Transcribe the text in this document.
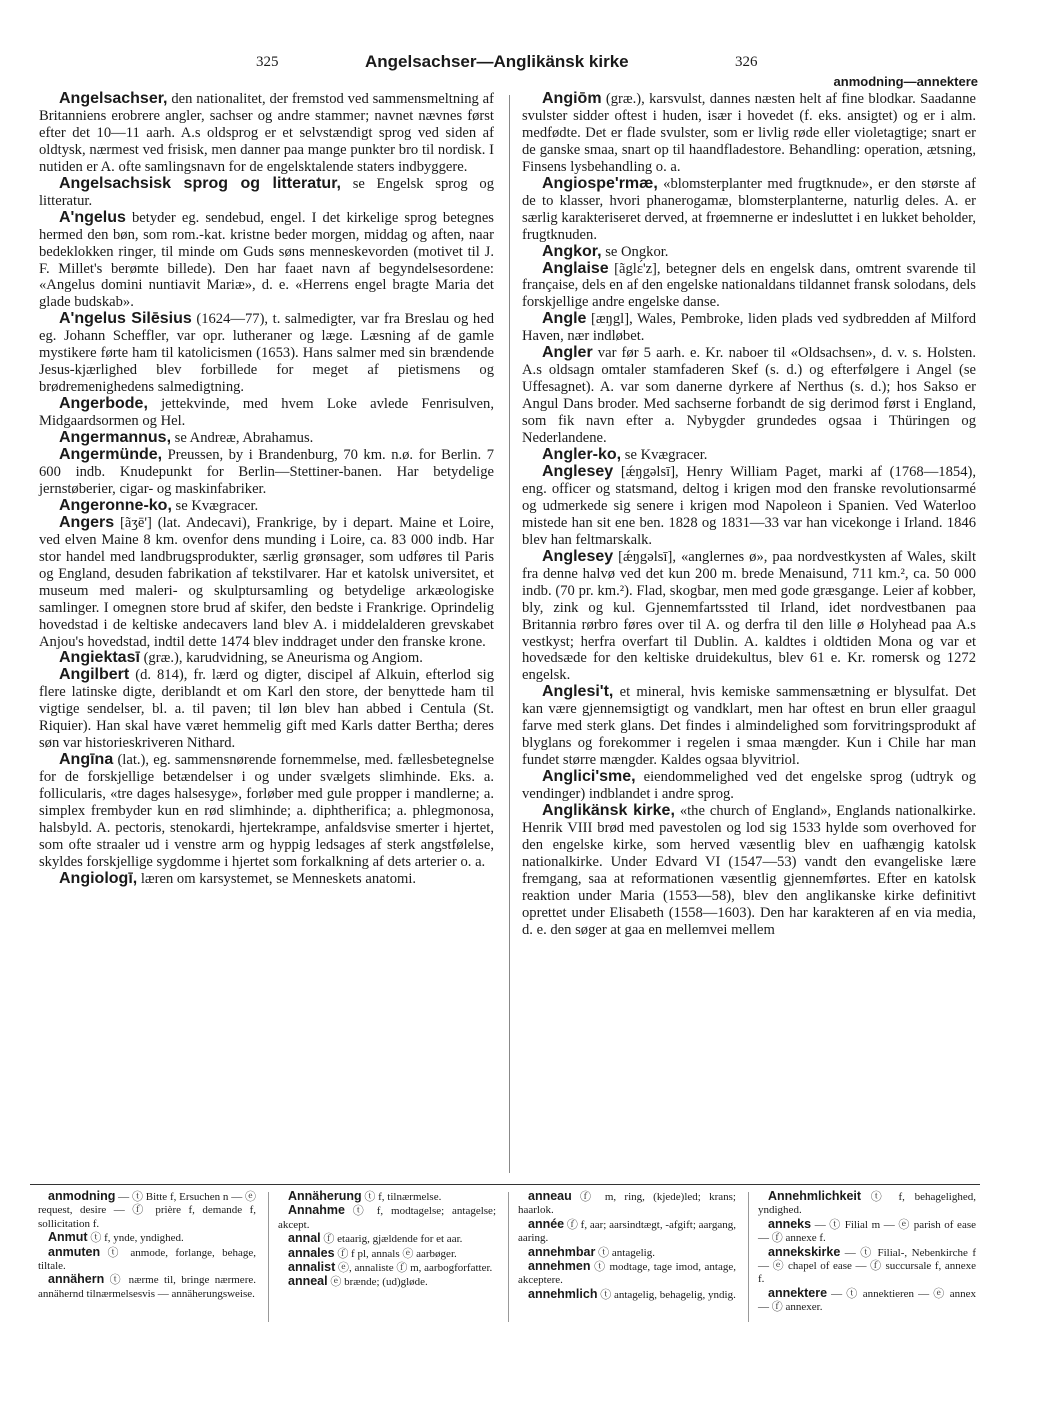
325	Angelsachser—Anglikänsk kirke	326
anmodning—annektere

Angelsachser, den nationalitet, der fremstod ved sammensmeltning af Britanniens erobrere angler, sachser og andre stammer; navnet nævnes først efter det 10—11 aarh. A.s oldsprog er et selvstændigt sprog ved siden af oldtysk, nærmest ved frisisk, men danner paa mange punkter bro til nordisk. I nutiden er A. ofte samlingsnavn for de engelsktalende staters indbyggere.

Angelsachsisk sprog og litteratur, se Engelsk sprog og litteratur.

A'ngelus betyder eg. sendebud, engel. I det kirkelige sprog betegnes hermed den bøn, som rom.-kat. kristne beder morgen, middag og aften, naar bedeklokken ringer, til minde om Guds søns menneskevorden (motivet til J. F. Millet's berømte billede). Den har faaet navn af begyndelsesordene: «Angelus domini nuntiavit Mariæ», d. e. «Herrens engel bragte Maria det glade budskab».

A'ngelus Silēsius (1624—77), t. salmedigter, var fra Breslau og hed eg. Johann Scheffler, var opr. lutheraner og læge. Læsning af de gamle mystikere førte ham til katolicismen (1653). Hans salmer med sin brændende Jesus-kjærlighed blev forbillede for meget af pietismens og brødremenighedens salmedigtning.

Angerbode, jettekvinde, med hvem Loke avlede Fenrisulven, Midgaardsormen og Hel.

Angermannus, se Andreæ, Abrahamus.

Angermünde, Preussen, by i Brandenburg, 70 km. n.ø. for Berlin. 7 600 indb. Knudepunkt for Berlin—Stettiner-banen. Har betydelige jernstøberier, cigar- og maskinfabriker.

Angeronne-ko, se Kvægracer.

Angers [ãʒē'] (lat. Andecavi), Frankrige, by i depart. Maine et Loire, ved elven Maine 8 km. ovenfor dens munding i Loire, ca. 83 000 indb. Har stor handel med landbrugsprodukter, særlig grønsager, som udføres til Paris og England, desuden fabrikation af tekstilvarer. Har et katolsk universitet, et museum med maleri- og skulptursamling og betydelige arkæologiske samlinger. I omegnen store brud af skifer, den bedste i Frankrige. Oprindelig hovedstad i de keltiske andecavers land blev A. i middelalderen grevskabet Anjou's hovedstad, indtil dette 1474 blev inddraget under den franske krone.

Angiektasī (græ.), karudvidning, se Aneurisma og Angiom.

Angilbert (d. 814), fr. lærd og digter, discipel af Alkuin, efterlod sig flere latinske digte, deriblandt et om Karl den store, der benyttede ham til vigtige sendelser, bl. a. til paven; til løn blev han abbed i Centula (St. Riquier). Han skal have været hemmelig gift med Karls datter Bertha; deres søn var historieskriveren Nithard.

Angīna (lat.), eg. sammensnørende fornemmelse, med. fællesbetegnelse for de forskjellige betændelser i og under svælgets slimhinde. Eks. a. follicularis, «tre dages halsesyge», forløber med gule propper i mandlerne; a. simplex frembyder kun en rød slimhinde; a. diphtherifica; a. phlegmonosa, halsbyld. A. pectoris, stenokardi, hjertekrampe, anfaldsvise smerter i hjertet, som ofte straaler ud i venstre arm og hyppig ledsages af sterk angstfølelse, skyldes forskjellige sygdomme i hjertet som forkalkning af dets arterier o. a.

Angiologī, læren om karsystemet, se Menneskets anatomi.

Angiōm (græ.), karsvulst, dannes næsten helt af fine blodkar. Saadanne svulster sidder oftest i huden, især i hovedet (f. eks. ansigtet) og er i alm. medfødte. Det er flade svulster, som er livlig røde eller violetagtige; snart er de ganske smaa, snart op til haandfladestore. Behandling: operation, ætsning, Finsens lysbehandling o. a.

Angiospe'rmæ, «blomsterplanter med frugtknude», er den største af de to klasser, hvori phanerogamæ, blomsterplanterne, naturlig deles. A. er særlig karakteriseret derved, at frøemnerne er indesluttet i en lukket beholder, frugtknuden.

Angkor, se Ongkor.

Anglaise [ãglɛ́'z], betegner dels en engelsk dans, omtrent svarende til française, dels en af den engelske nationaldans tildannet fransk solodans, dels forskjellige andre engelske danse.

Angle [æŋgl], Wales, Pembroke, liden plads ved sydbredden af Milford Haven, nær indløbet.

Angler var før 5 aarh. e. Kr. naboer til «Oldsachsen», d. v. s. Holsten. A.s oldsagn omtaler stamfaderen Skef (s. d.) og efterfølgere i Angel (se Uffesagnet). A. var som danerne dyrkere af Nerthus (s. d.); hos Sakso er Angul Dans broder. Med sachserne forbandt de sig derimod først i England, som fik navn efter a. Nybygder grundedes ogsaa i Thüringen og Nederlandene.

Angler-ko, se Kvægracer.

Anglesey [ǽŋgəlsī], Henry William Paget, marki af (1768—1854), eng. officer og statsmand, deltog i krigen mod den franske revolutionsarmé og udmerkede sig senere i krigen mod Napoleon i Spanien. Ved Waterloo mistede han sit ene ben. 1828 og 1831—33 var han vicekonge i Irland. 1846 blev han feltmarskalk.

Anglesey [ǽŋgəlsī], «anglernes ø», paa nordvestkysten af Wales, skilt fra denne halvø ved det kun 200 m. brede Menaisund, 711 km.², ca. 50 000 indb. (70 pr. km.²). Flad, skogbar, men med gode græsgange. Leier af kobber, bly, zink og kul. Gjennemfartssted til Irland, idet nordvestbanen paa Britannia rørbro føres over til A. og derfra til den lille ø Holyhead paa A.s vestkyst; herfra overfart til Dublin. A. kaldtes i oldtiden Mona og var et hovedsæde for den keltiske druidekultus, blev 61 e. Kr. romersk og 1272 engelsk.

Anglesi't, et mineral, hvis kemiske sammensætning er blysulfat. Det kan være gjennemsigtigt og vandklart, men har oftest en brun eller graagul farve med sterk glans. Det findes i almindelighed som forvitringsprodukt af blyglans og forekommer i regelen i smaa mængder. Kun i Chile har man fundet større mængder. Kaldes ogsaa blyvitriol.

Anglici'sme, eiendommelighed ved det engelske sprog (udtryk og vendinger) indblandet i andre sprog.

Anglikänsk kirke, «the church of England», Englands nationalkirke. Henrik VIII brød med pavestolen og lod sig 1533 hylde som overhoved for den engelske kirke, som herved væsentlig blev en uafhængig katolsk nationalkirke. Under Edvard VI (1547—53) vandt den evangeliske lære fremgang, saa at reformationen væsentlig gjennemførtes. Efter en katolsk reaktion under Maria (1553—58), blev den anglikanske kirke definitivt oprettet under Elisabeth (1558—1603). Den har karakteren af en via media, d. e. den søger at gaa en mellemvei mellem

anmodning — ⓣ Bitte f, Ersuchen n — ⓔ request, desire — ⓕ prière f, demande f, sollicitation f.

Anmut ⓣ f, ynde, yndighed.

anmuten ⓣ anmode, forlange, behage, tiltale.

annähern ⓣ nærme til, bringe nærmere. annähernd tilnærmelsesvis — annäherungsweise.

Annäherung ⓣ f, tilnærmelse.

Annahme ⓣ f, modtagelse; antagelse; akcept.

annal ⓕ etaarig, gjældende for et aar.

annales ⓕ f pl, annals ⓔ aarbøger.

annalist ⓔ, annaliste ⓕ m, aarbogforfatter.

anneal ⓔ brænde; (ud)gløde.

anneau ⓕ m, ring, (kjede)led; krans; haarlok.

année ⓕ f, aar; aarsindtægt, -afgift; aargang, aaring.

annehmbar ⓣ antagelig.

annehmen ⓣ modtage, tage imod, antage, akceptere.

annehmlich ⓣ antagelig, behagelig, yndig.

Annehmlichkeit ⓣ f, behagelighed, yndighed.

anneks — ⓣ Filial m — ⓔ parish of ease — ⓕ annexe f.

annekskirke — ⓣ Filial-, Nebenkirche f — ⓔ chapel of ease — ⓕ succursale f, annexe f.

annektere — ⓣ annektieren — ⓔ annex — ⓕ annexer.
